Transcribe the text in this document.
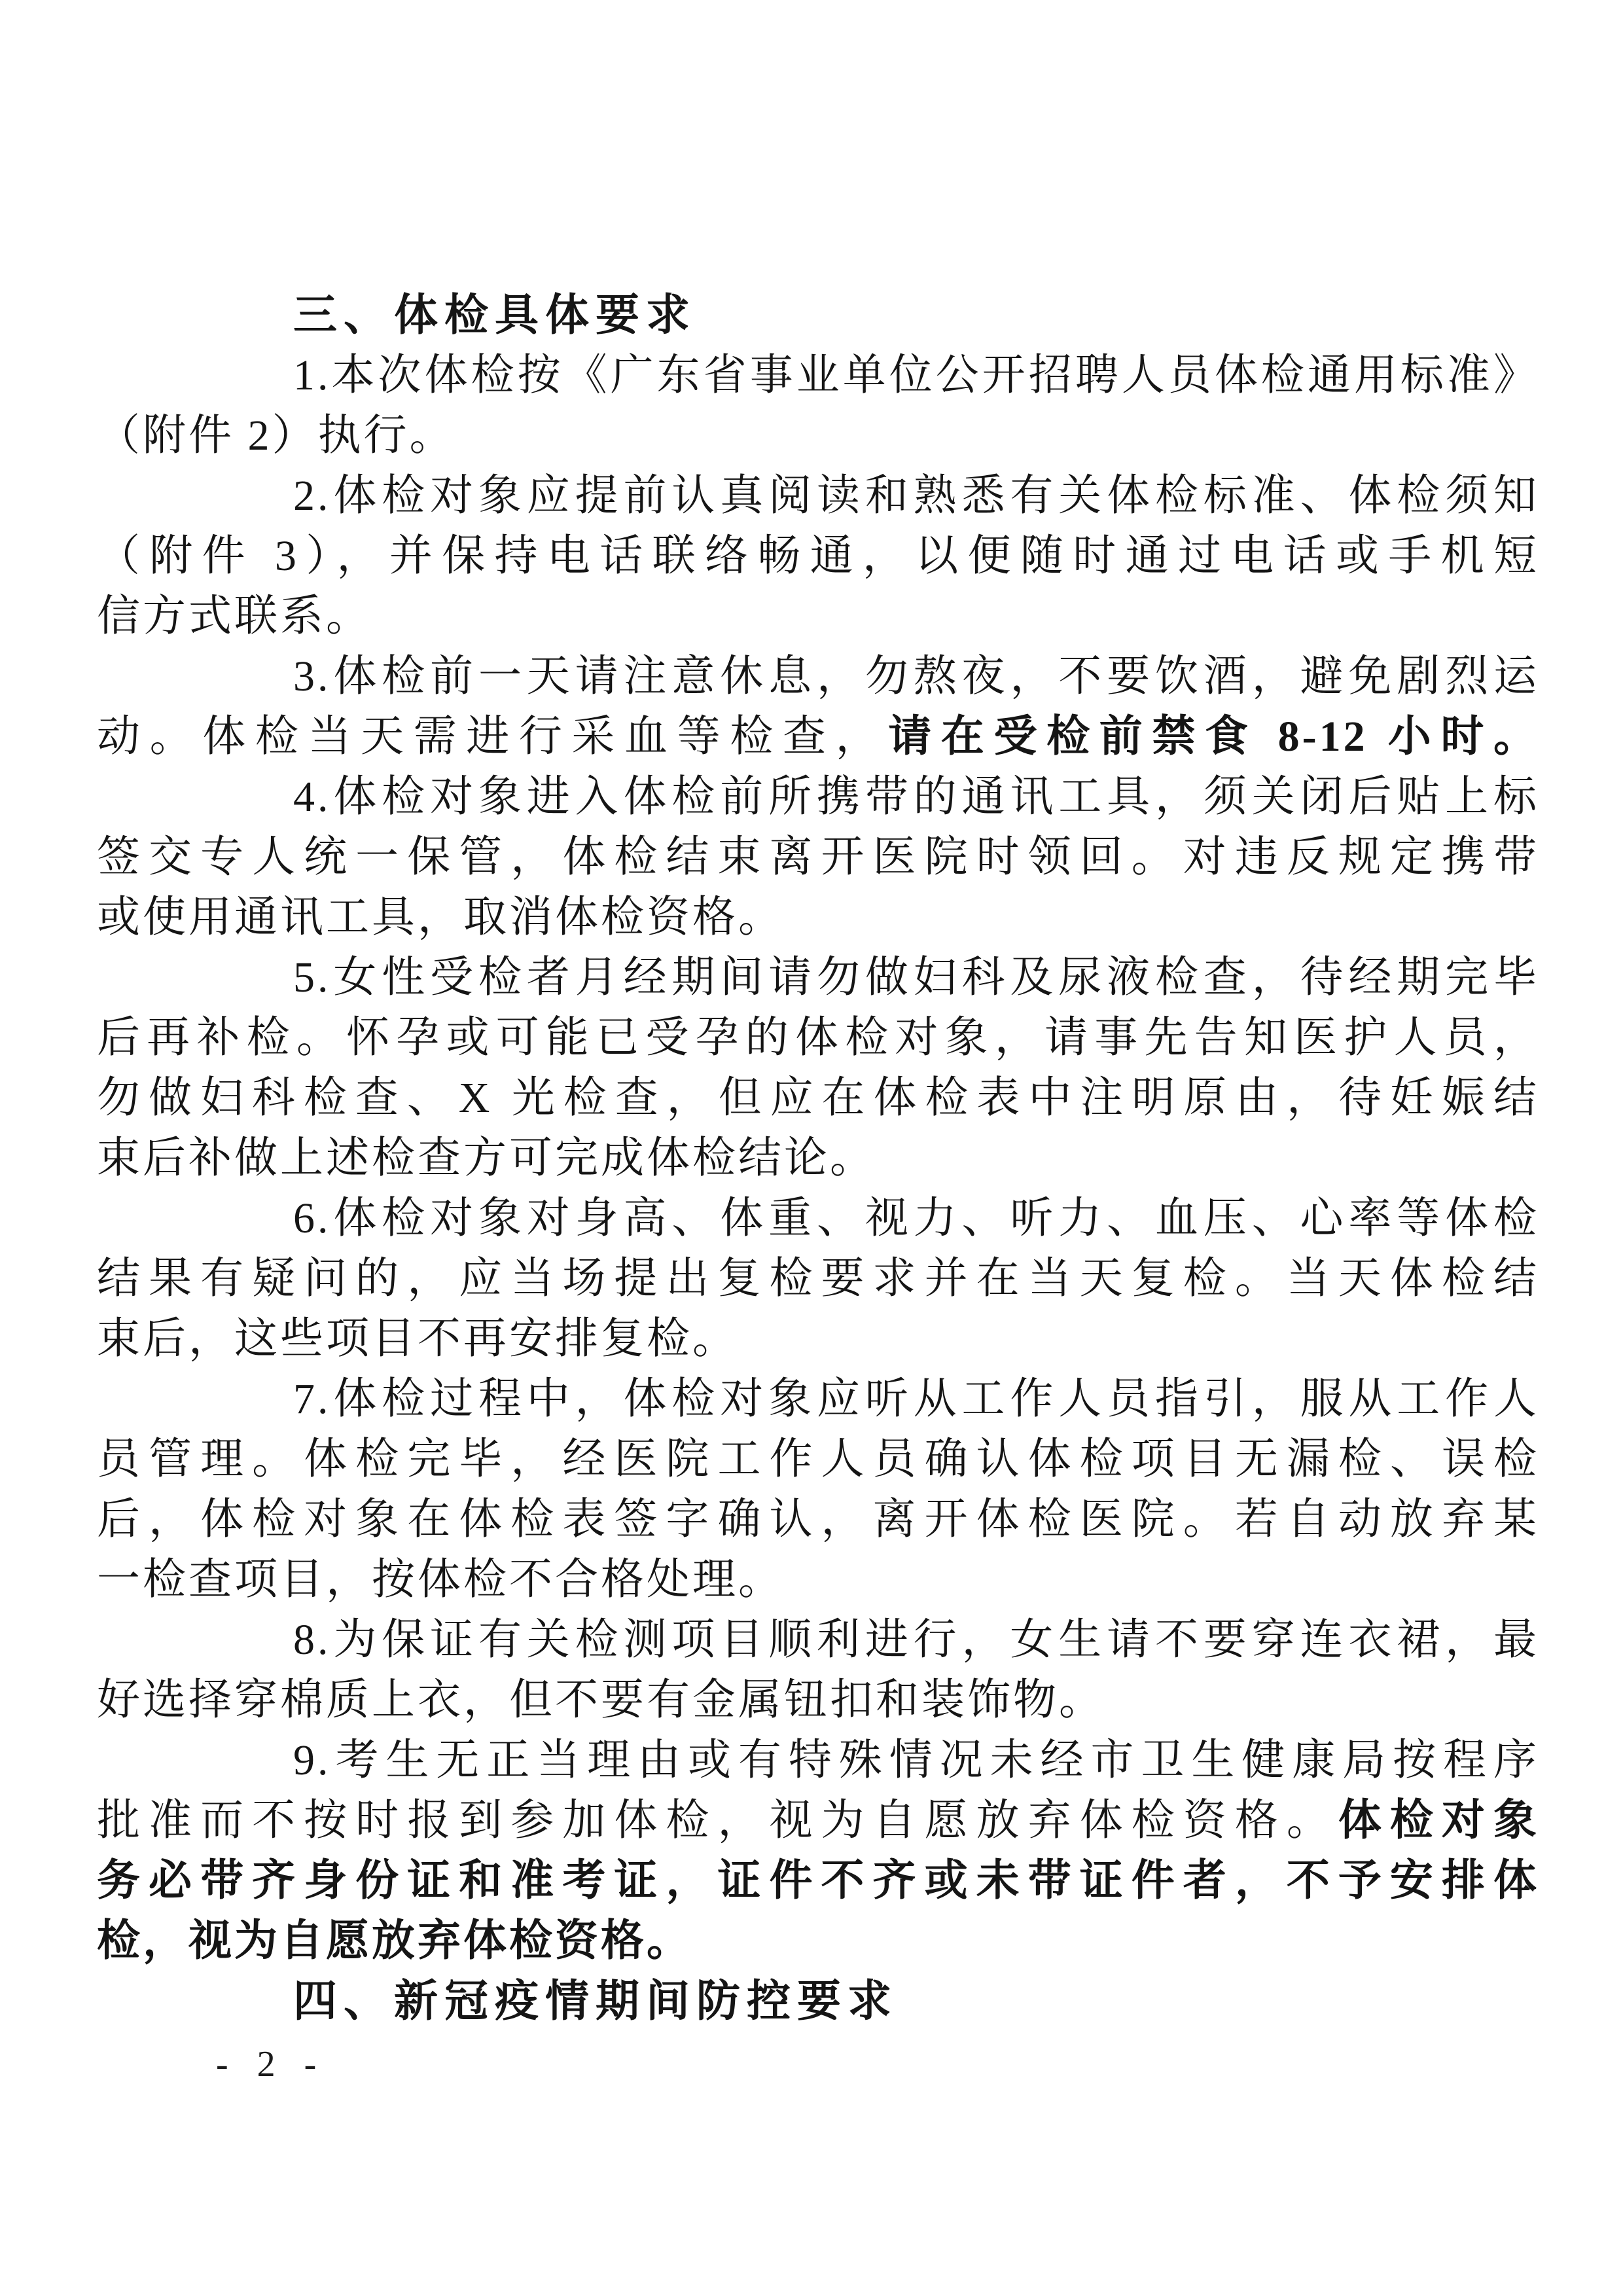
三、体检具体要求
1.本次体检按《广东省事业单位公开招聘人员体检通用标准》
（附件 2）执行。
2.体检对象应提前认真阅读和熟悉有关体检标准、体检须知
（附件 3），并保持电话联络畅通，以便随时通过电话或手机短
信方式联系。
3.体检前一天请注意休息，勿熬夜，不要饮酒，避免剧烈运
动。体检当天需进行采血等检查，请在受检前禁食 8-12 小时。
4.体检对象进入体检前所携带的通讯工具，须关闭后贴上标
签交专人统一保管，体检结束离开医院时领回。对违反规定携带
或使用通讯工具，取消体检资格。
5.女性受检者月经期间请勿做妇科及尿液检查，待经期完毕
后再补检。怀孕或可能已受孕的体检对象，请事先告知医护人员，
勿做妇科检查、X 光检查，但应在体检表中注明原由，待妊娠结
束后补做上述检查方可完成体检结论。
6.体检对象对身高、体重、视力、听力、血压、心率等体检
结果有疑问的，应当场提出复检要求并在当天复检。当天体检结
束后，这些项目不再安排复检。
7.体检过程中，体检对象应听从工作人员指引，服从工作人
员管理。体检完毕，经医院工作人员确认体检项目无漏检、误检
后，体检对象在体检表签字确认，离开体检医院。若自动放弃某
一检查项目，按体检不合格处理。
8.为保证有关检测项目顺利进行，女生请不要穿连衣裙，最
好选择穿棉质上衣，但不要有金属钮扣和装饰物。
9.考生无正当理由或有特殊情况未经市卫生健康局按程序
批准而不按时报到参加体检，视为自愿放弃体检资格。体检对象
务必带齐身份证和准考证，证件不齐或未带证件者，不予安排体
检，视为自愿放弃体检资格。
四、新冠疫情期间防控要求
- 2 -
